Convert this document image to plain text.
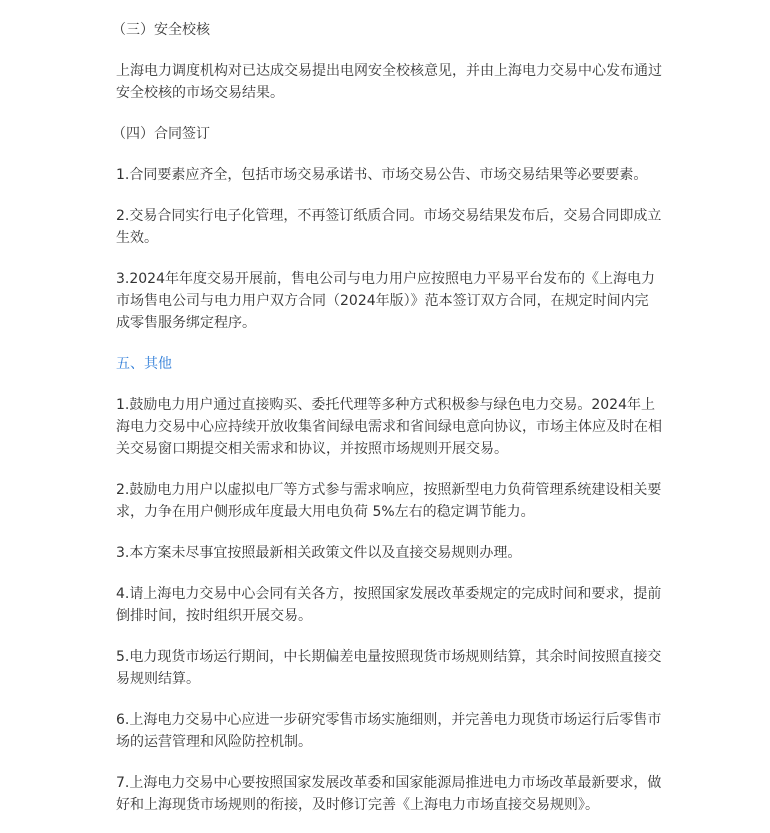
（三）安全校核

上海电力调度机构对已达成交易提出电网安全校核意见，并由上海电力交易中心发布通过安全校核的市场交易结果。

（四）合同签订

1.合同要素应齐全，包括市场交易承诺书、市场交易公告、市场交易结果等必要要素。

2.交易合同实行电子化管理，不再签订纸质合同。市场交易结果发布后，交易合同即成立生效。

3.2024年年度交易开展前，售电公司与电力用户应按照电力平易平台发布的《上海电力市场售电公司与电力用户双方合同（2024年版）》范本签订双方合同，在规定时间内完成零售服务绑定程序。

五、其他

1.鼓励电力用户通过直接购买、委托代理等多种方式积极参与绿色电力交易。2024年上海电力交易中心应持续开放收集省间绿电需求和省间绿电意向协议，市场主体应及时在相关交易窗口期提交相关需求和协议，并按照市场规则开展交易。

2.鼓励电力用户以虚拟电厂等方式参与需求响应，按照新型电力负荷管理系统建设相关要求，力争在用户侧形成年度最大用电负荷 5%左右的稳定调节能力。

3.本方案未尽事宜按照最新相关政策文件以及直接交易规则办理。

4.请上海电力交易中心会同有关各方，按照国家发展改革委规定的完成时间和要求，提前倒排时间，按时组织开展交易。

5.电力现货市场运行期间，中长期偏差电量按照现货市场规则结算，其余时间按照直接交易规则结算。

6.上海电力交易中心应进一步研究零售市场实施细则，并完善电力现货市场运行后零售市场的运营管理和风险防控机制。

7.上海电力交易中心要按照国家发展改革委和国家能源局推进电力市场改革最新要求，做好和上海现货市场规则的衔接，及时修订完善《上海电力市场直接交易规则》。
